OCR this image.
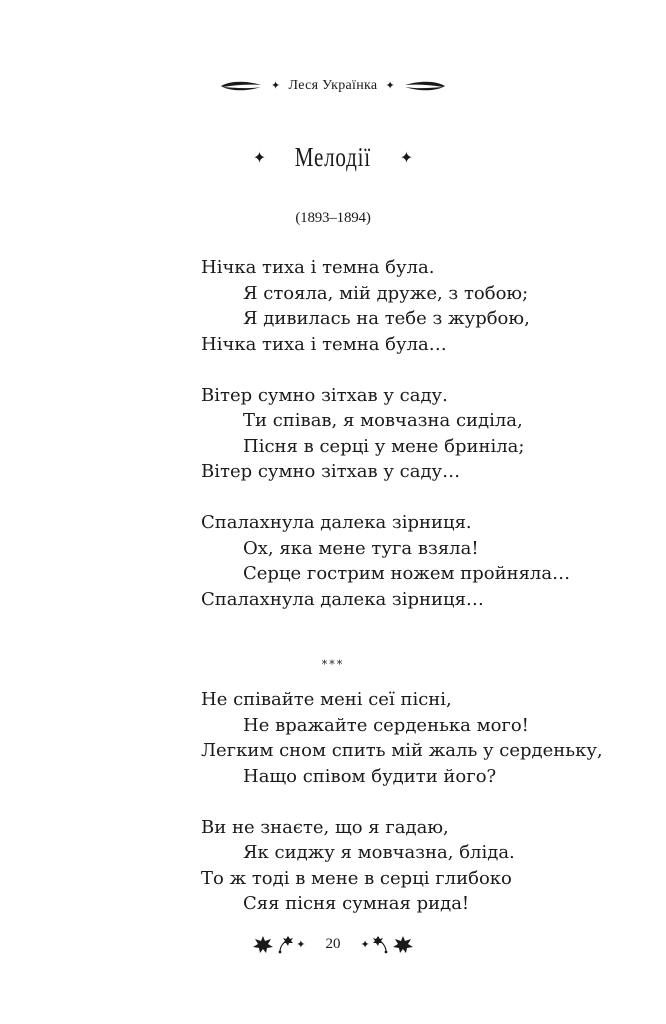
✦ Леся Українка ✦
✦ Мелодії ✦
(1893–1894)
Нічка тиха і темна була.
Я стояла, мій друже, з тобою;
Я дивилась на тебе з журбою,
Нічка тиха і темна була…
Вітер сумно зітхав у саду.
Ти співав, я мовчазна сиділа,
Пісня в серці у мене бриніла;
Вітер сумно зітхав у саду…
Спалахнула далека зірниця.
Ох, яка мене туга взяла!
Серце гострим ножем пройняла…
Спалахнула далека зірниця…
***
Не співайте мені сеї пісні,
Не вражайте серденька мого!
Легким сном спить мій жаль у серденьку,
Нащо співом будити його?
Ви не знаєте, що я гадаю,
Як сиджу я мовчазна, бліда.
То ж тоді в мене в серці глибоко
Сяя пісня сумная рида!
✦	20	✦
